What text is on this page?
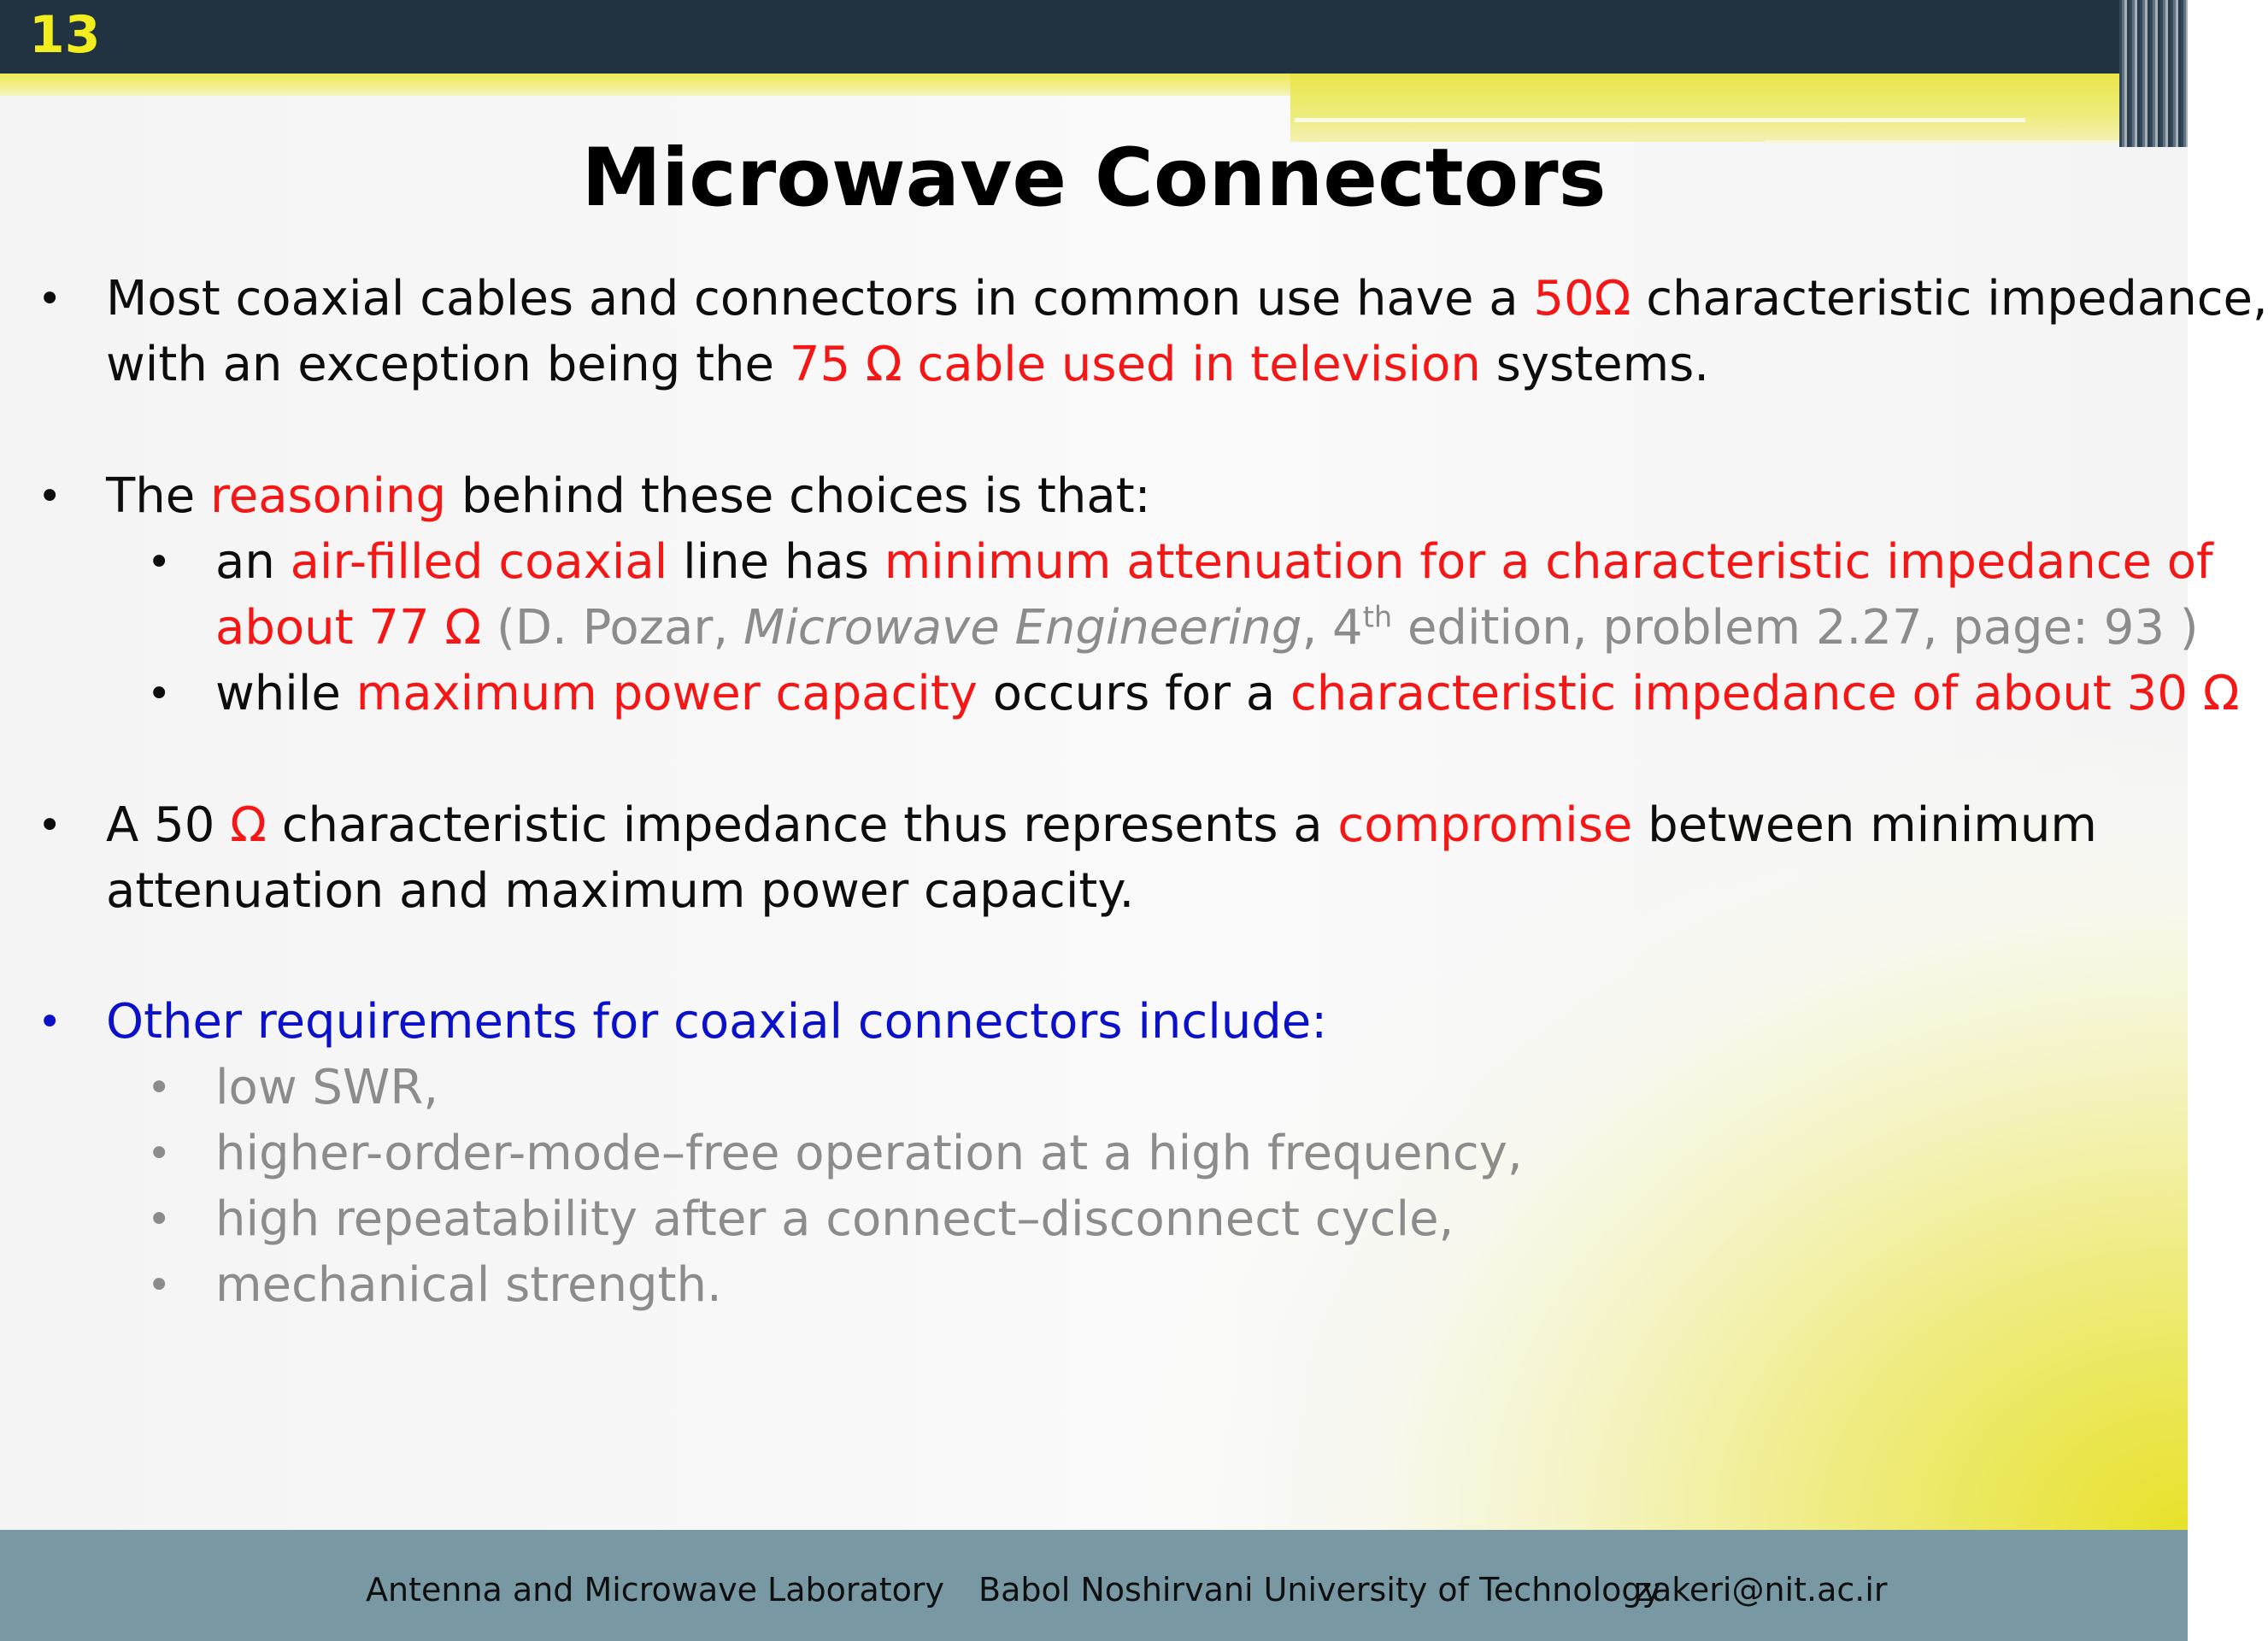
13
Microwave Connectors
• Most coaxial cables and connectors in common use have a 50Ω characteristic impedance,
with an exception being the 75 Ω cable used in television systems.
• The reasoning behind these choices is that:
• an air-filled coaxial line has minimum attenuation for a characteristic impedance of
about 77 Ω (D. Pozar, Microwave Engineering, 4th edition, problem 2.27, page: 93 )
• while maximum power capacity occurs for a characteristic impedance of about 30 Ω
• A 50 Ω characteristic impedance thus represents a compromise between minimum
attenuation and maximum power capacity.
• Other requirements for coaxial connectors include:
• low SWR,
• higher-order-mode–free operation at a high frequency,
• high repeatability after a connect–disconnect cycle,
• mechanical strength.
Antenna and Microwave Laboratory Babol Noshirvani University of Technology
zakeri@nit.ac.ir
